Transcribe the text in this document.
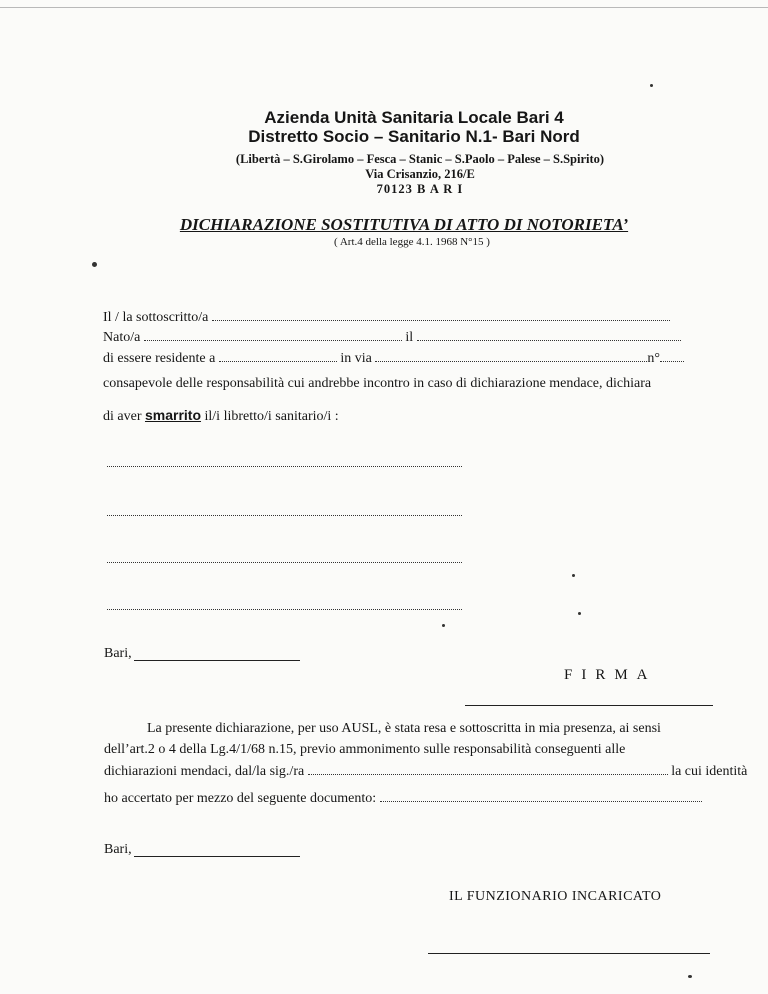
Azienda Unità Sanitaria Locale Bari 4
Distretto Socio – Sanitario N.1- Bari Nord
(Libertà – S.Girolamo – Fesca – Stanic – S.Paolo – Palese – S.Spirito)
Via Crisanzio, 216/E
70123 B A R I
DICHIARAZIONE SOSTITUTIVA DI ATTO DI NOTORIETA’
( Art.4 della legge 4.1. 1968 N°15 )
Il / la sottoscritto/a
Nato/a	il
di essere residente a	in via	n°
consapevole delle responsabilità cui andrebbe incontro in caso di dichiarazione mendace, dichiara
di aver smarrito il/i libretto/i sanitario/i :
Bari,
FIRMA
La presente dichiarazione, per uso AUSL, è stata resa e sottoscritta in mia presenza, ai sensi
dell’art.2 o 4 della Lg.4/1/68 n.15, previo ammonimento sulle responsabilità conseguenti alle
dichiarazioni mendaci, dal/la sig./ra	la cui identità
ho accertato per mezzo del seguente documento:
Bari,
IL FUNZIONARIO INCARICATO
